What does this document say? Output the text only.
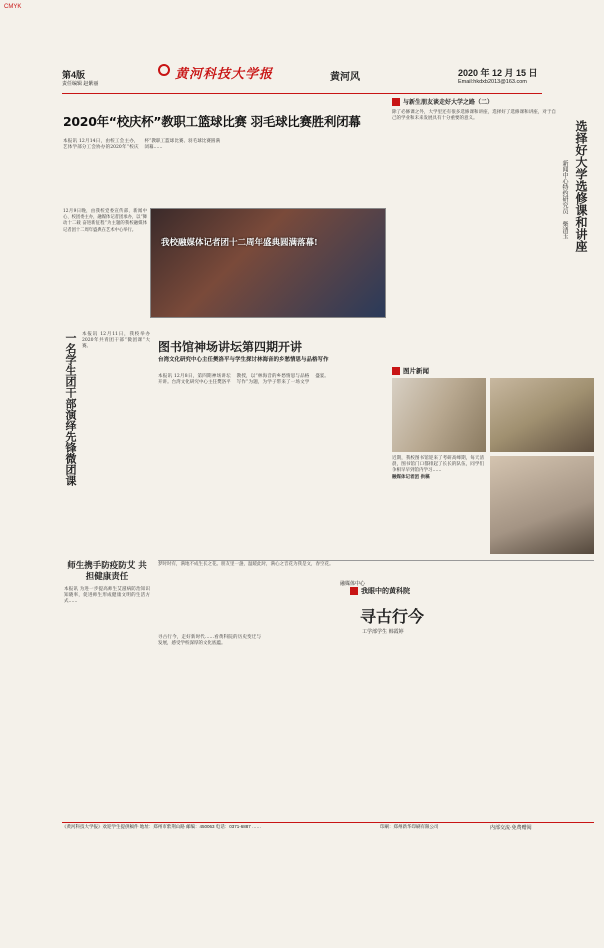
CMYK
第4版
责任编辑 赵紫丽
黄河科技大学报	黄河风	2020 年 12 月 15 日
Email:hkdxb2013@163.com
2020年“校庆杯”教职工篮球比赛 羽毛球比赛胜利闭幕
本报讯 12月14日，由校工会主办，艺体学部分工会协办的2020年“校庆杯”教职工篮球比赛、羽毛球比赛圆满闭幕……
我校融媒体记者团十二周年盛典圆满落幕!
12月9日晚，由我校党委宣传部、新闻中心、校团委主办，融媒体记者团承办，以“舞动十二载 奋进新征程”为主题的我校融媒体记者团十二周年盛典在艺术中心举行。
一名学生团干部演绎先锋微团课 本报讯 12月11日，我校举办2020年共青团干部“微团课”大赛。
师生携手防疫防艾 共担健康责任
本报讯 为进一步提高师生艾滋病防治知识知晓率，促进师生形成健康文明的生活方式……
图书馆神场讲坛第四期开讲
台湾文化研究中心主任樊洛平与学生探讨林海音的乡愁情思与品格写作
本报讯 12月8日，第四期神场讲坛开讲。台湾文化研究中心主任樊洛平教授，以“林海音的乡愁情思与品格写作”为题，为学子带来了一场文学盛宴。
与新生朋友谈走好大学之路（二）
选择好大学选修课和讲座
新闻中心特约研究员 柴清玉
除了必修课之外，大学里还有很多选修课和讲座，选择好了选修课和讲座，对于自己的学业和未来发展具有十分重要的意义。
图片新闻
近期，我校图书馆迎来了考研高峰期，每天清晨，图书馆门口都排起了长长的队伍，同学们争相早早到馆内学习……
融媒体记者团 供稿
梦时时有，满地不成生长之花。朋友里一盏，温暖此时，满心之音花为我是文，春空花。
融媒体中心
我眼中的黄科院
寻古行今
工学部学生 韩霞婷
寻古行今，走好新时代……看黄科院的历史变迁与发展，感受学校深厚的文化底蕴。
《黄河科技大学报》欢迎学生提供稿件 地址：郑州市紫荆山路 邮编：450063 电话：0371-6887 ……	印刷：郑州新华印刷有限公司	内部交流·免费赠阅
